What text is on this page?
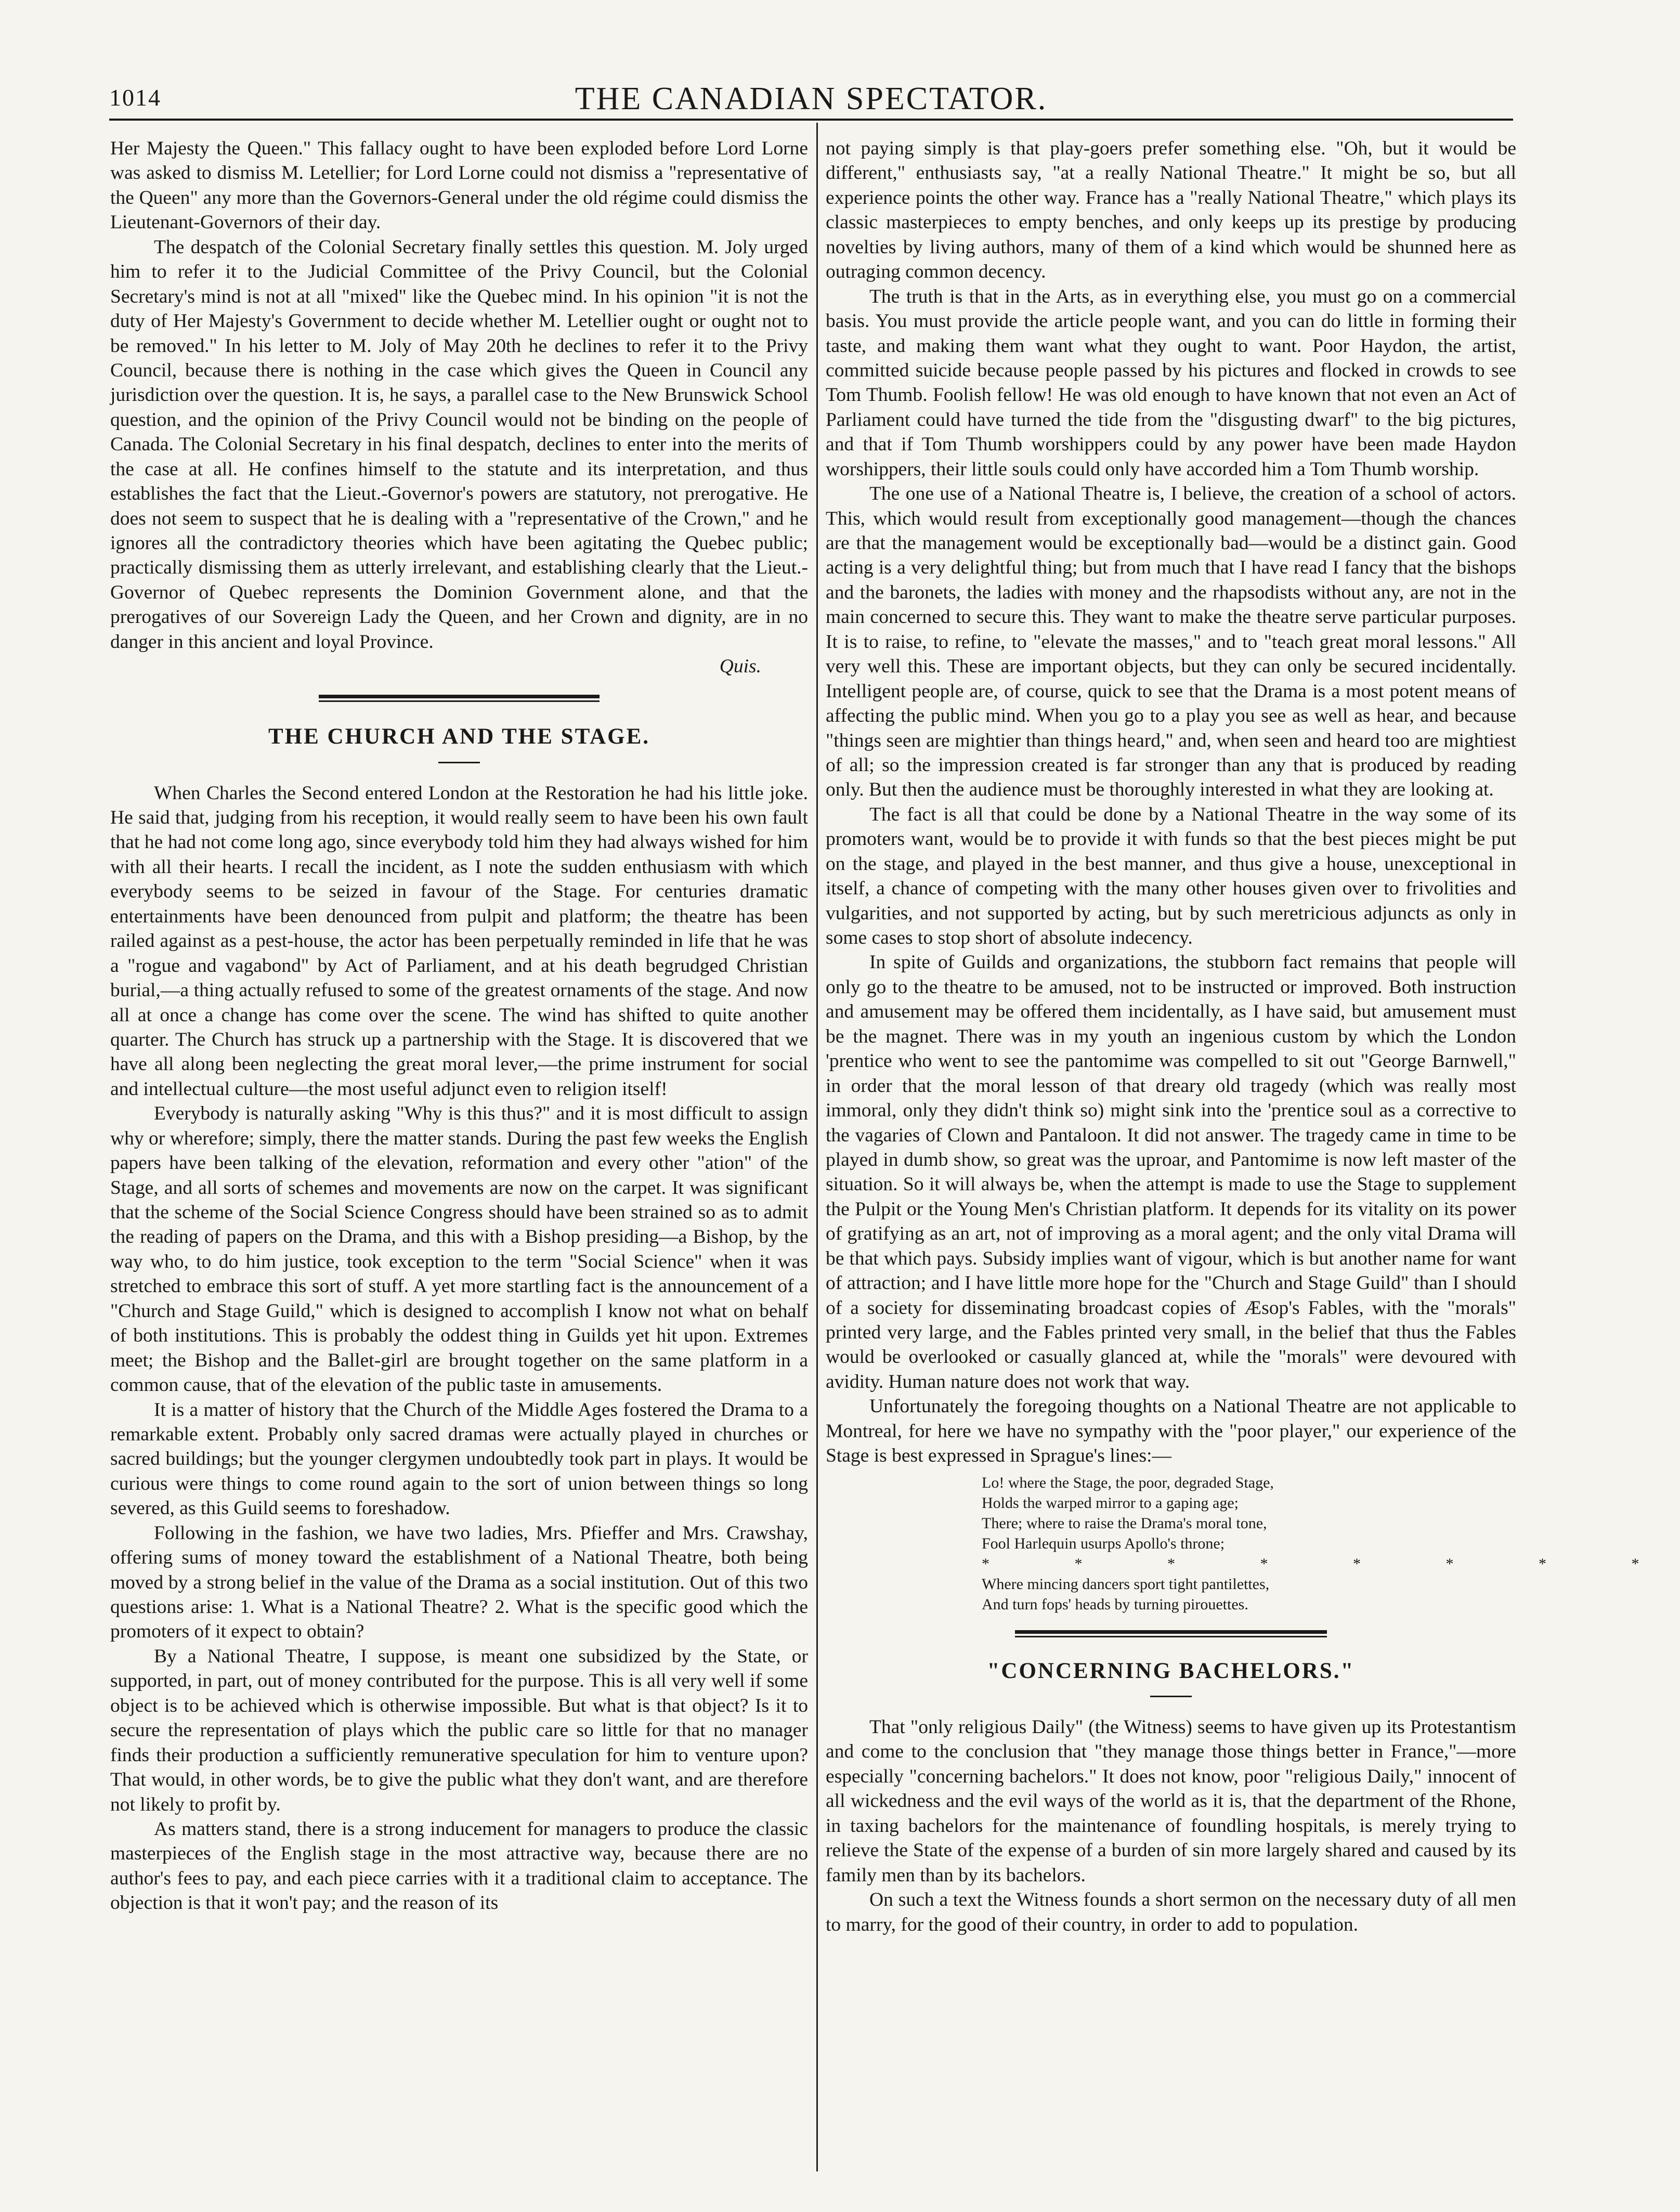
1014	THE CANADIAN SPECTATOR.

Her Majesty the Queen." This fallacy ought to have been exploded before Lord Lorne was asked to dismiss M. Letellier; for Lord Lorne could not dismiss a "representative of the Queen" any more than the Governors-General under the old régime could dismiss the Lieutenant-Governors of their day.

The despatch of the Colonial Secretary finally settles this question. M. Joly urged him to refer it to the Judicial Committee of the Privy Council, but the Colonial Secretary's mind is not at all "mixed" like the Quebec mind. In his opinion "it is not the duty of Her Majesty's Government to decide whether M. Letellier ought or ought not to be removed." In his letter to M. Joly of May 20th he declines to refer it to the Privy Council, because there is nothing in the case which gives the Queen in Council any jurisdiction over the question. It is, he says, a parallel case to the New Brunswick School question, and the opinion of the Privy Council would not be binding on the people of Canada. The Colonial Secretary in his final despatch, declines to enter into the merits of the case at all. He confines himself to the statute and its interpretation, and thus establishes the fact that the Lieut.-Governor's powers are statutory, not prerogative. He does not seem to suspect that he is dealing with a "representative of the Crown," and he ignores all the contradictory theories which have been agitating the Quebec public; practically dismissing them as utterly irrelevant, and establishing clearly that the Lieut.-Governor of Quebec represents the Dominion Government alone, and that the prerogatives of our Sovereign Lady the Queen, and her Crown and dignity, are in no danger in this ancient and loyal Province.

Quis.
THE CHURCH AND THE STAGE.

When Charles the Second entered London at the Restoration he had his little joke. He said that, judging from his reception, it would really seem to have been his own fault that he had not come long ago, since everybody told him they had always wished for him with all their hearts. I recall the incident, as I note the sudden enthusiasm with which everybody seems to be seized in favour of the Stage. For centuries dramatic entertainments have been denounced from pulpit and platform; the theatre has been railed against as a pest-house, the actor has been perpetually reminded in life that he was a "rogue and vagabond" by Act of Parliament, and at his death begrudged Christian burial,—a thing actually refused to some of the greatest ornaments of the stage. And now all at once a change has come over the scene. The wind has shifted to quite another quarter. The Church has struck up a partnership with the Stage. It is discovered that we have all along been neglecting the great moral lever,—the prime instrument for social and intellectual culture—the most useful adjunct even to religion itself!

Everybody is naturally asking "Why is this thus?" and it is most difficult to assign why or wherefore; simply, there the matter stands. During the past few weeks the English papers have been talking of the elevation, reformation and every other "ation" of the Stage, and all sorts of schemes and movements are now on the carpet. It was significant that the scheme of the Social Science Congress should have been strained so as to admit the reading of papers on the Drama, and this with a Bishop presiding—a Bishop, by the way who, to do him justice, took exception to the term "Social Science" when it was stretched to embrace this sort of stuff. A yet more startling fact is the announcement of a "Church and Stage Guild," which is designed to accomplish I know not what on behalf of both institutions. This is probably the oddest thing in Guilds yet hit upon. Extremes meet; the Bishop and the Ballet-girl are brought together on the same platform in a common cause, that of the elevation of the public taste in amusements.

It is a matter of history that the Church of the Middle Ages fostered the Drama to a remarkable extent. Probably only sacred dramas were actually played in churches or sacred buildings; but the younger clergymen undoubtedly took part in plays. It would be curious were things to come round again to the sort of union between things so long severed, as this Guild seems to foreshadow.

Following in the fashion, we have two ladies, Mrs. Pfieffer and Mrs. Crawshay, offering sums of money toward the establishment of a National Theatre, both being moved by a strong belief in the value of the Drama as a social institution. Out of this two questions arise: 1. What is a National Theatre? 2. What is the specific good which the promoters of it expect to obtain?

By a National Theatre, I suppose, is meant one subsidized by the State, or supported, in part, out of money contributed for the purpose. This is all very well if some object is to be achieved which is otherwise impossible. But what is that object? Is it to secure the representation of plays which the public care so little for that no manager finds their production a sufficiently remunerative speculation for him to venture upon? That would, in other words, be to give the public what they don't want, and are therefore not likely to profit by.

As matters stand, there is a strong inducement for managers to produce the classic masterpieces of the English stage in the most attractive way, because there are no author's fees to pay, and each piece carries with it a traditional claim to acceptance. The objection is that it won't pay; and the reason of its

not paying simply is that play-goers prefer something else. "Oh, but it would be different," enthusiasts say, "at a really National Theatre." It might be so, but all experience points the other way. France has a "really National Theatre," which plays its classic masterpieces to empty benches, and only keeps up its prestige by producing novelties by living authors, many of them of a kind which would be shunned here as outraging common decency.

The truth is that in the Arts, as in everything else, you must go on a commercial basis. You must provide the article people want, and you can do little in forming their taste, and making them want what they ought to want. Poor Haydon, the artist, committed suicide because people passed by his pictures and flocked in crowds to see Tom Thumb. Foolish fellow! He was old enough to have known that not even an Act of Parliament could have turned the tide from the "disgusting dwarf" to the big pictures, and that if Tom Thumb worshippers could by any power have been made Haydon worshippers, their little souls could only have accorded him a Tom Thumb worship.

The one use of a National Theatre is, I believe, the creation of a school of actors. This, which would result from exceptionally good management—though the chances are that the management would be exceptionally bad—would be a distinct gain. Good acting is a very delightful thing; but from much that I have read I fancy that the bishops and the baronets, the ladies with money and the rhapsodists without any, are not in the main concerned to secure this. They want to make the theatre serve particular purposes. It is to raise, to refine, to "elevate the masses," and to "teach great moral lessons." All very well this. These are important objects, but they can only be secured incidentally. Intelligent people are, of course, quick to see that the Drama is a most potent means of affecting the public mind. When you go to a play you see as well as hear, and because "things seen are mightier than things heard," and, when seen and heard too are mightiest of all; so the impression created is far stronger than any that is produced by reading only. But then the audience must be thoroughly interested in what they are looking at.

The fact is all that could be done by a National Theatre in the way some of its promoters want, would be to provide it with funds so that the best pieces might be put on the stage, and played in the best manner, and thus give a house, unexceptional in itself, a chance of competing with the many other houses given over to frivolities and vulgarities, and not supported by acting, but by such meretricious adjuncts as only in some cases to stop short of absolute indecency.

In spite of Guilds and organizations, the stubborn fact remains that people will only go to the theatre to be amused, not to be instructed or improved. Both instruction and amusement may be offered them incidentally, as I have said, but amusement must be the magnet. There was in my youth an ingenious custom by which the London 'prentice who went to see the pantomime was compelled to sit out "George Barnwell," in order that the moral lesson of that dreary old tragedy (which was really most immoral, only they didn't think so) might sink into the 'prentice soul as a corrective to the vagaries of Clown and Pantaloon. It did not answer. The tragedy came in time to be played in dumb show, so great was the uproar, and Pantomime is now left master of the situation. So it will always be, when the attempt is made to use the Stage to supplement the Pulpit or the Young Men's Christian platform. It depends for its vitality on its power of gratifying as an art, not of improving as a moral agent; and the only vital Drama will be that which pays. Subsidy implies want of vigour, which is but another name for want of attraction; and I have little more hope for the "Church and Stage Guild" than I should of a society for disseminating broadcast copies of Æsop's Fables, with the "morals" printed very large, and the Fables printed very small, in the belief that thus the Fables would be overlooked or casually glanced at, while the "morals" were devoured with avidity. Human nature does not work that way.

Unfortunately the foregoing thoughts on a National Theatre are not applicable to Montreal, for here we have no sympathy with the "poor player," our experience of the Stage is best expressed in Sprague's lines:—

Lo! where the Stage, the poor, degraded Stage,
Holds the warped mirror to a gaping age;
There; where to raise the Drama's moral tone,
Fool Harlequin usurps Apollo's throne;
* * * * * * * *
Where mincing dancers sport tight pantilettes,
And turn fops' heads by turning pirouettes.
"CONCERNING BACHELORS."

That "only religious Daily" (the Witness) seems to have given up its Protestantism and come to the conclusion that "they manage those things better in France,"—more especially "concerning bachelors." It does not know, poor "religious Daily," innocent of all wickedness and the evil ways of the world as it is, that the department of the Rhone, in taxing bachelors for the maintenance of foundling hospitals, is merely trying to relieve the State of the expense of a burden of sin more largely shared and caused by its family men than by its bachelors.

On such a text the Witness founds a short sermon on the necessary duty of all men to marry, for the good of their country, in order to add to population.
